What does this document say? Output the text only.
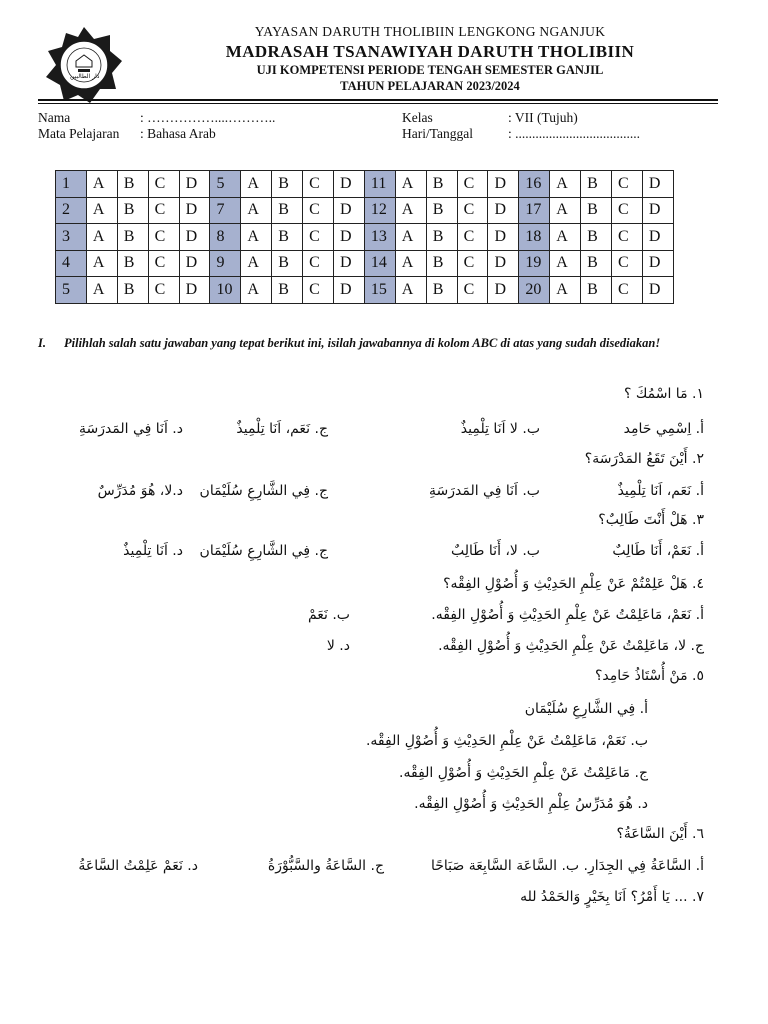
دار الطالبين
YAYASAN DARUTH THOLIBIIN LENGKONG NGANJUK
MADRASAH TSANAWIYAH DARUTH THOLIBIIN
UJI KOMPETENSI PERIODE TENGAH SEMESTER GANJIL
TAHUN PELAJARAN 2023/2024
Nama	: ……………....………..	Kelas	: VII (Tujuh)
Mata Pelajaran : Bahasa Arab	Hari/Tanggal	: .....................................
1	A	B	C	D	5	A	B	C	D	11	A	B	C	D	16	A	B	C	D
2	A	B	C	D	7	A	B	C	D	12	A	B	C	D	17	A	B	C	D
3	A	B	C	D	8	A	B	C	D	13	A	B	C	D	18	A	B	C	D
4	A	B	C	D	9	A	B	C	D	14	A	B	C	D	19	A	B	C	D
5	A	B	C	D	10	A	B	C	D	15	A	B	C	D	20	A	B	C	D
I. Pilihlah salah satu jawaban yang tepat berikut ini, isilah jawabannya di kolom ABC di atas yang sudah disediakan!
١. مَا اسْمُكَ ؟
أ. اِسْمِي حَامِد
ب. لا اَنَا تِلْمِيذٌ
ج. نَعَم، اَنَا تِلْمِيذٌ
د. اَنَا فِي المَدرَسَةِ
٢. أَيْنَ تَقَعُ المَدْرَسَة؟
أ. نَعَم، اَنَا تِلْمِيذٌ
ب. اَنَا فِي المَدرَسَةِ
ج. فِي الشَّارِعِ سُلَيْمَان
د.لا، هُوَ مُدَرِّسٌ
٣. هَلْ أَنْتَ طَالِبٌ؟
أ. نَعَمْ، أَنَا طَالِبٌ
ب. لا، أَنَا طَالِبٌ
ج. فِي الشَّارِعِ سُلَيْمَان
د. اَنَا تِلْمِيذٌ
٤. هَلْ عَلِمْتُمْ عَنْ عِلْمِ الحَدِيْثِ وَ أُصُوْلِ الفِقْه؟
أ. نَعَمْ، مَاعَلِمْتُ عَنْ عِلْمِ الحَدِيْثِ وَ أُصُوْلِ الفِقْه.
ب. نَعَمْ
ج. لا، مَاعَلِمْتُ عَنْ عِلْمِ الحَدِيْثِ وَ أُصُوْلِ الفِقْه.
د. لا
٥. مَنْ أُسْتَاذُ حَامِد؟
أ. فِي الشَّارِعِ سُلَيْمَان
ب. نَعَمْ، مَاعَلِمْتُ عَنْ عِلْمِ الحَدِيْثِ وَ أُصُوْلِ الفِقْه.
ج. مَاعَلِمْتُ عَنْ عِلْمِ الحَدِيْثِ وَ أُصُوْلِ الفِقْه.
د. هُوَ مُدَرِّسُ عِلْمِ الحَدِيْثِ وَ أُصُوْلِ الفِقْه.
٦. أَيْنَ السَّاعَةُ؟
أ. السَّاعَةُ فِي الجِدَارِ. ب. السَّاعَة السَّابِعَة صَبَاحًا
ج. السَّاعَةُ والسَّبُّوْرَةُ
د. نَعَمْ عَلِمْتُ السَّاعَةُ
٧. ... يَا أَمْرُ؟ اَنَا بِخَيْرٍ وَالحَمْدُ لله
